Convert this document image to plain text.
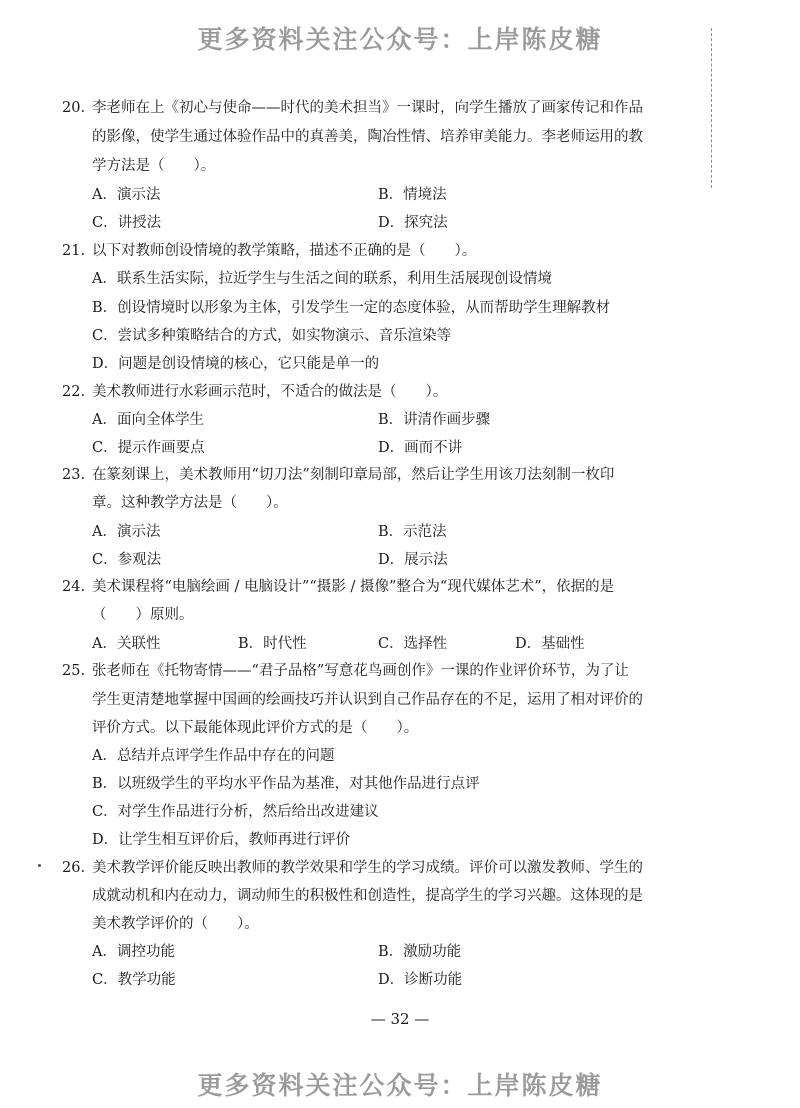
更多资料关注公众号：上岸陈皮糖
20. 李老师在上《初心与使命——时代的美术担当》一课时，向学生播放了画家传记和作品
的影像，使学生通过体验作品中的真善美，陶冶性情、培养审美能力。李老师运用的教
学方法是（　　）。
A．演示法	B．情境法
C．讲授法	D．探究法
21. 以下对教师创设情境的教学策略，描述不正确的是（　　）。
A．联系生活实际，拉近学生与生活之间的联系，利用生活展现创设情境
B．创设情境时以形象为主体，引发学生一定的态度体验，从而帮助学生理解教材
C．尝试多种策略结合的方式，如实物演示、音乐渲染等
D．问题是创设情境的核心，它只能是单一的
22. 美术教师进行水彩画示范时，不适合的做法是（　　）。
A．面向全体学生	B．讲清作画步骤
C．提示作画要点	D．画而不讲
23. 在篆刻课上，美术教师用“切刀法”刻制印章局部，然后让学生用该刀法刻制一枚印
章。这种教学方法是（　　）。
A．演示法	B．示范法
C．参观法	D．展示法
24. 美术课程将“电脑绘画 / 电脑设计”“摄影 / 摄像”整合为“现代媒体艺术”，依据的是
（　　）原则。
A．关联性	B．时代性	C．选择性	D．基础性
25. 张老师在《托物寄情——“君子品格”写意花鸟画创作》一课的作业评价环节，为了让
学生更清楚地掌握中国画的绘画技巧并认识到自己作品存在的不足，运用了相对评价的
评价方式。以下最能体现此评价方式的是（　　）。
A．总结并点评学生作品中存在的问题
B．以班级学生的平均水平作品为基准，对其他作品进行点评
C．对学生作品进行分析，然后给出改进建议
D．让学生相互评价后，教师再进行评价
26. 美术教学评价能反映出教师的教学效果和学生的学习成绩。评价可以激发教师、学生的
成就动机和内在动力，调动师生的积极性和创造性，提高学生的学习兴趣。这体现的是
美术教学评价的（　　）。
A．调控功能	B．激励功能
C．教学功能	D．诊断功能
— 32 —
更多资料关注公众号：上岸陈皮糖
